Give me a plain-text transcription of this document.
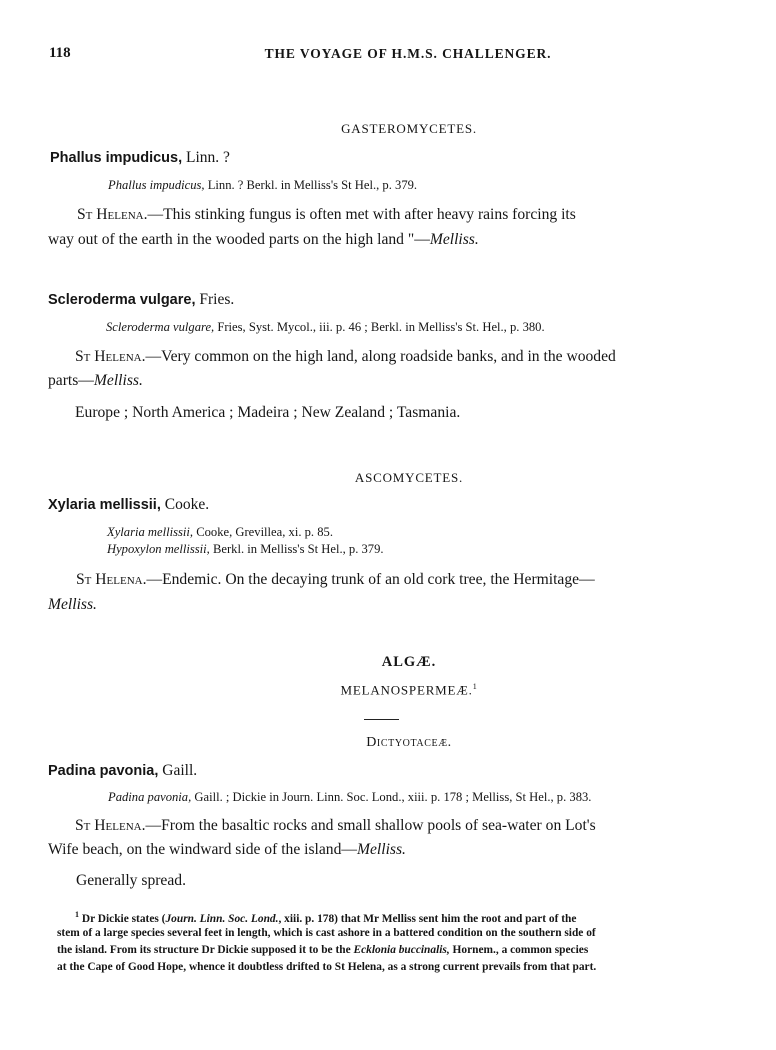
118	THE VOYAGE OF H.M.S. CHALLENGER.
GASTEROMYCETES.
Phallus impudicus, Linn. ?
Phallus impudicus, Linn. ? Berkl. in Melliss's St Hel., p. 379.
St Helena.—This stinking fungus is often met with after heavy rains forcing its
way out of the earth in the wooded parts on the high land "—Melliss.
Scleroderma vulgare, Fries.
Scleroderma vulgare, Fries, Syst. Mycol., iii. p. 46 ; Berkl. in Melliss's St. Hel., p. 380.
St Helena.—Very common on the high land, along roadside banks, and in the wooded
parts—Melliss.
Europe ; North America ; Madeira ; New Zealand ; Tasmania.
ASCOMYCETES.
Xylaria mellissii, Cooke.
Xylaria mellissii, Cooke, Grevillea, xi. p. 85.
Hypoxylon mellissii, Berkl. in Melliss's St Hel., p. 379.
St Helena.—Endemic. On the decaying trunk of an old cork tree, the Hermitage—
Melliss.
ALGÆ.
MELANOSPERMEÆ.$^1$
Dictyotaceæ.
Padina pavonia, Gaill.
Padina pavonia, Gaill. ; Dickie in Journ. Linn. Soc. Lond., xiii. p. 178 ; Melliss, St Hel., p. 383.
St Helena.—From the basaltic rocks and small shallow pools of sea-water on Lot's
Wife beach, on the windward side of the island—Melliss.
Generally spread.
$^1$ Dr Dickie states (Journ. Linn. Soc. Lond., xiii. p. 178) that Mr Melliss sent him the root and part of the
stem of a large species several feet in length, which is cast ashore in a battered condition on the southern side of
the island. From its structure Dr Dickie supposed it to be the Ecklonia buccinalis, Hornem., a common species
at the Cape of Good Hope, whence it doubtless drifted to St Helena, as a strong current prevails from that part.
